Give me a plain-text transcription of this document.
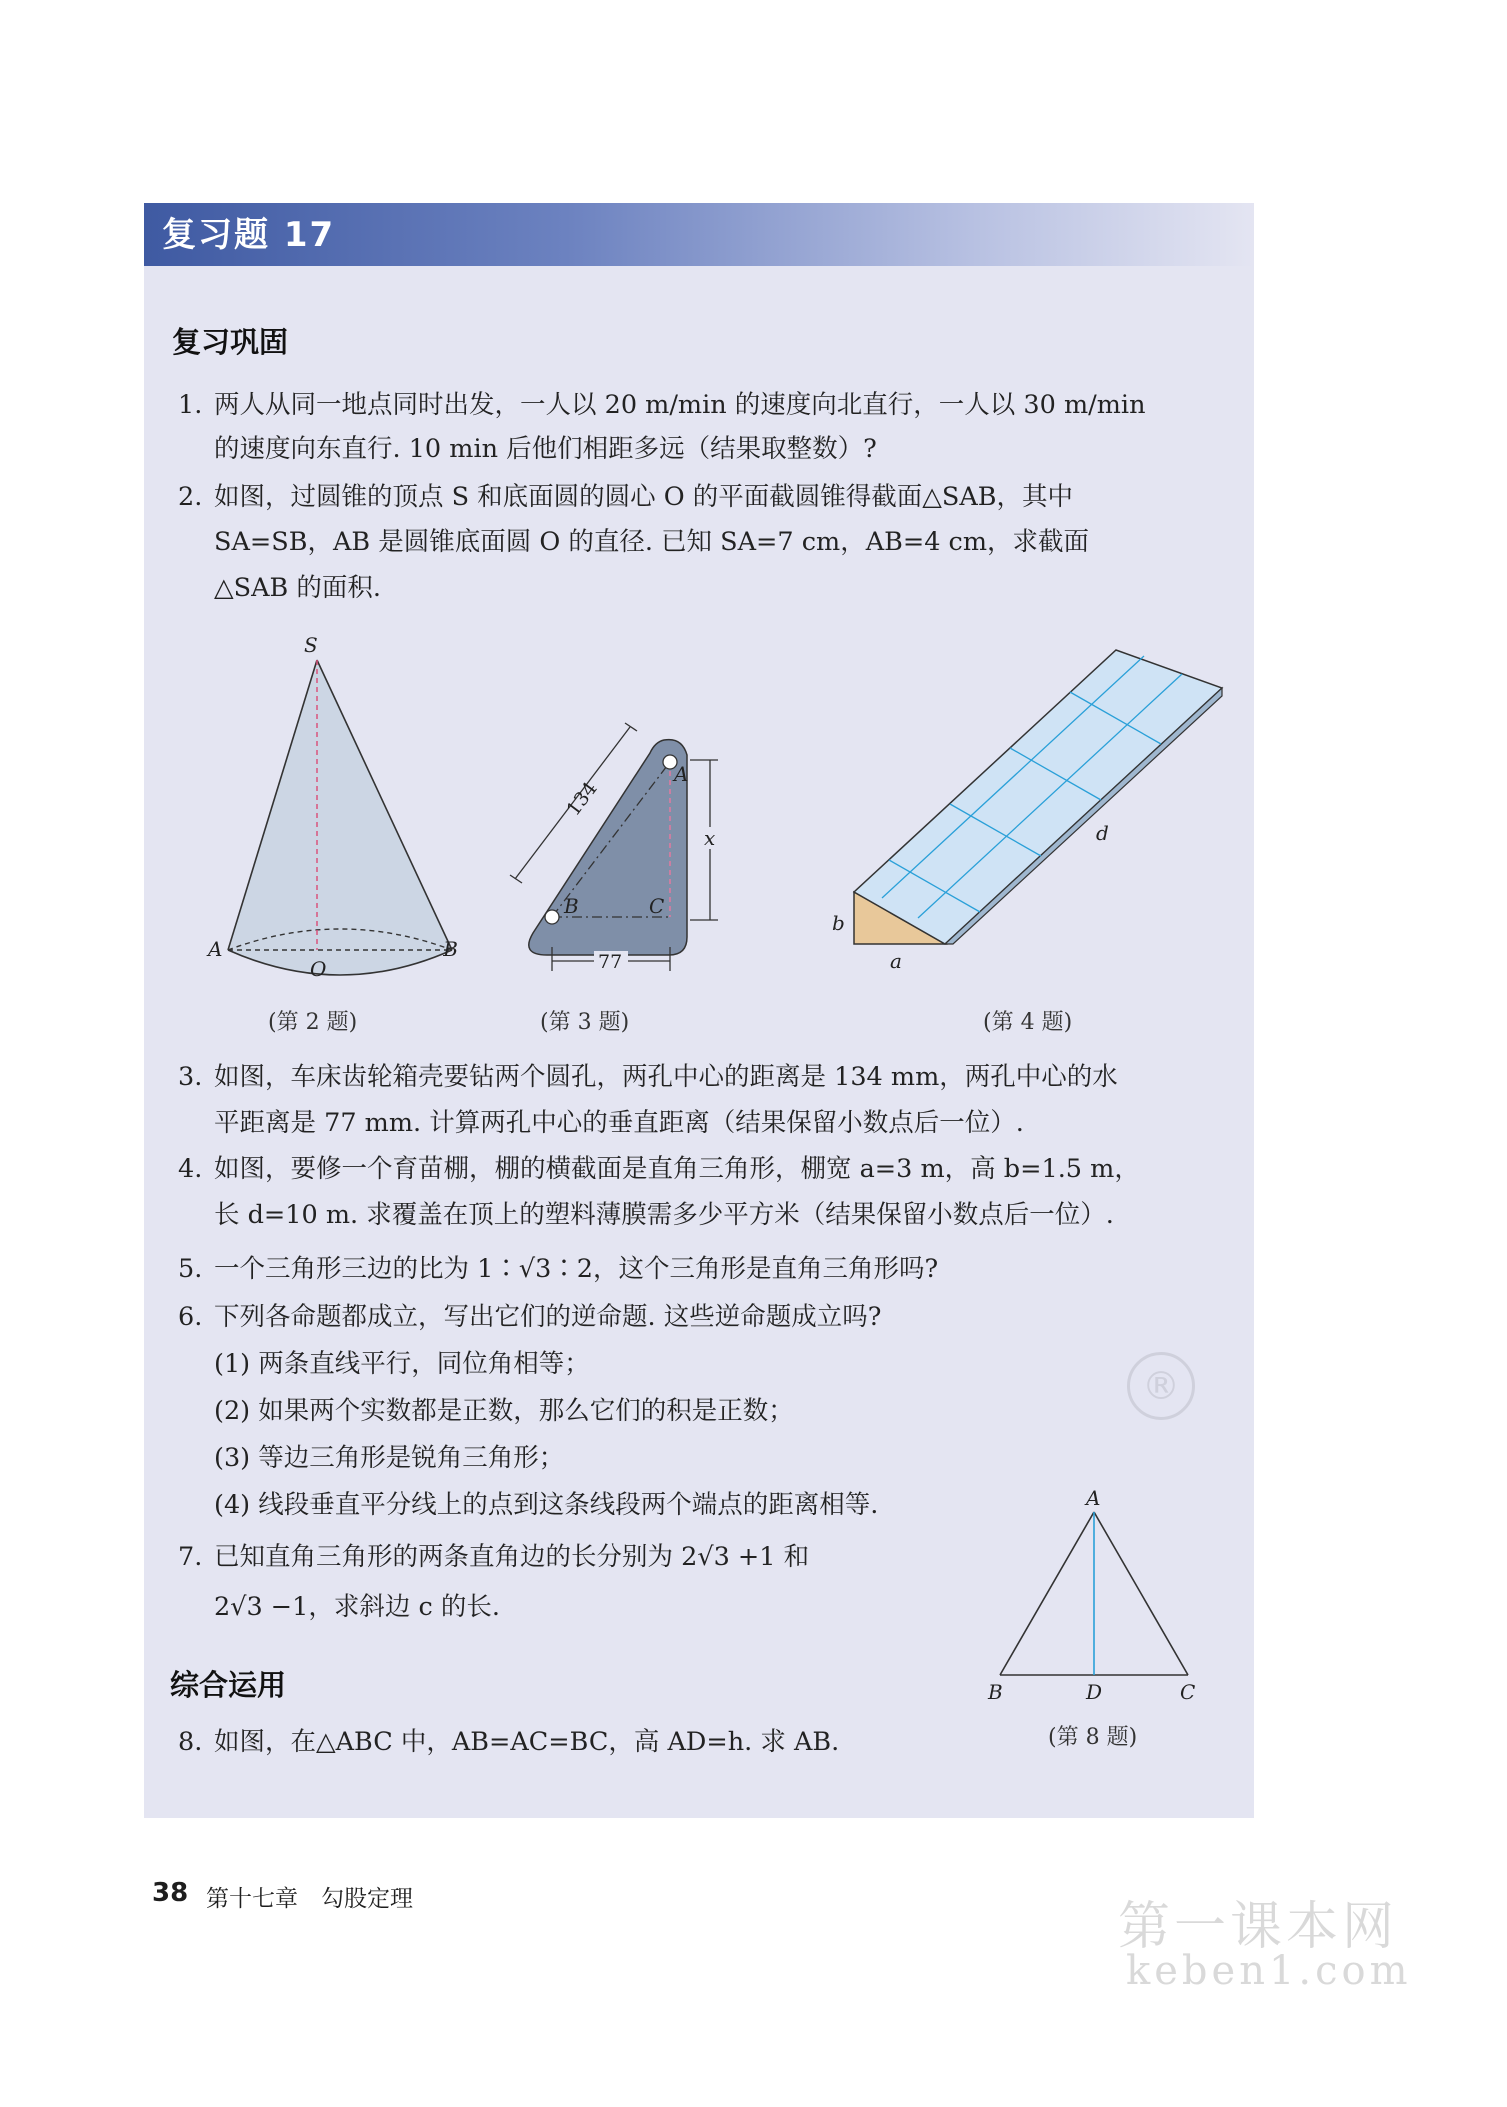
复习题 17
®
复习巩固
1. 两人从同一地点同时出发，一人以 20 m/min 的速度向北直行，一人以 30 m/min
的速度向东直行. 10 min 后他们相距多远（结果取整数）?
2. 如图，过圆锥的顶点 S 和底面圆的圆心 O 的平面截圆锥得截面△SAB，其中
SA=SB，AB 是圆锥底面圆 O 的直径. 已知 SA=7 cm，AB=4 cm，求截面
△SAB 的面积.
S
A	B
O
(第 2 题)
A
B	C
x
134
77
(第 3 题)
b
a
d
(第 4 题)
3. 如图，车床齿轮箱壳要钻两个圆孔，两孔中心的距离是 134 mm，两孔中心的水
平距离是 77 mm. 计算两孔中心的垂直距离（结果保留小数点后一位）.
4. 如图，要修一个育苗棚，棚的横截面是直角三角形，棚宽 a=3 m，高 b=1.5 m，
长 d=10 m. 求覆盖在顶上的塑料薄膜需多少平方米（结果保留小数点后一位）.
5. 一个三角形三边的比为 1∶√3∶2，这个三角形是直角三角形吗?
6. 下列各命题都成立，写出它们的逆命题. 这些逆命题成立吗?
(1) 两条直线平行，同位角相等；
(2) 如果两个实数都是正数，那么它们的积是正数；
(3) 等边三角形是锐角三角形；
(4) 线段垂直平分线上的点到这条线段两个端点的距离相等.
7. 已知直角三角形的两条直角边的长分别为 2√3 +1 和
2√3 −1，求斜边 c 的长.
A
B	D	C
(第 8 题)
综合运用
8. 如图，在△ABC 中，AB=AC=BC，高 AD=h. 求 AB.
38 第十七章　勾股定理	第一课本网
keben1.com
